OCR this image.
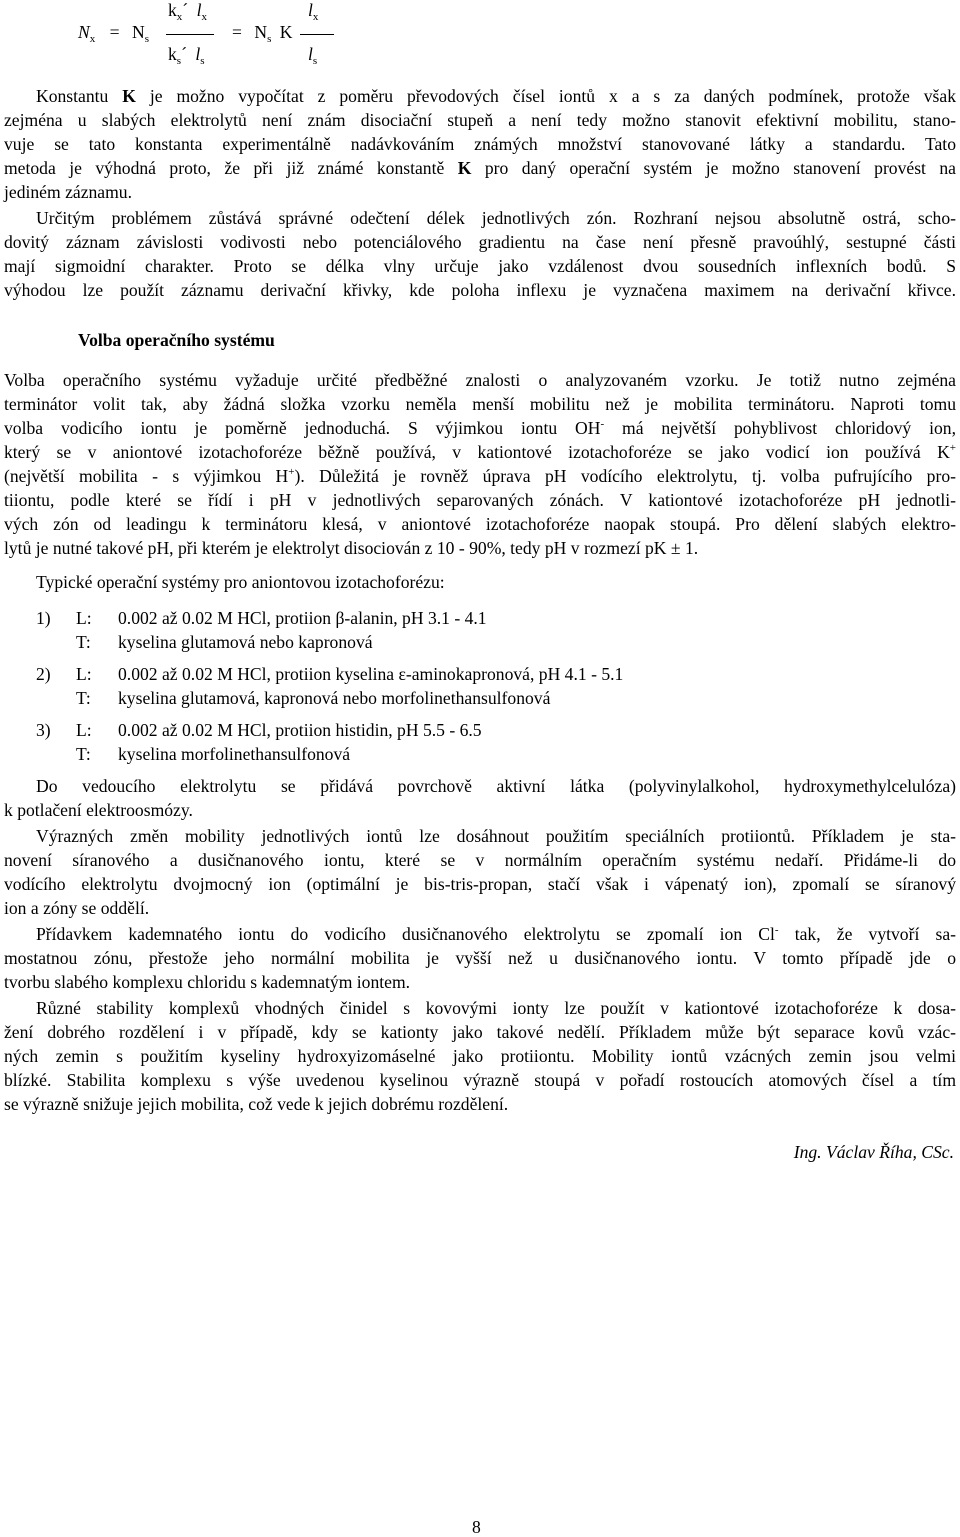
$N_x = N_s$
$k_x´$ $l_x$
$k_s´$ $l_s$
= $N_s$ K
$l_x$
$l_s$
Konstantu K je možno vypočítat z poměru převodových čísel iontů x a s za daných podmínek, protože však
zejména u slabých elektrolytů není znám disociační stupeň a není tedy možno stanovit efektivní mobilitu, stano-
vuje se tato konstanta experimentálně nadávkováním známých množství stanovované látky a standardu. Tato
metoda je výhodná proto, že při již známé konstantě K pro daný operační systém je možno stanovení provést na
jediném záznamu.
Určitým problémem zůstává správné odečtení délek jednotlivých zón. Rozhraní nejsou absolutně ostrá, scho-
dovitý záznam závislosti vodivosti nebo potenciálového gradientu na čase není přesně pravoúhlý, sestupné části
mají sigmoidní charakter. Proto se délka vlny určuje jako vzdálenost dvou sousedních inflexních bodů. S
výhodou lze použít záznamu derivační křivky, kde poloha inflexu je vyznačena maximem na derivační křivce.
Volba operačního systému
Volba operačního systému vyžaduje určité předběžné znalosti o analyzovaném vzorku. Je totiž nutno zejména
terminátor volit tak, aby žádná složka vzorku neměla menší mobilitu než je mobilita terminátoru. Naproti tomu
volba vodicího iontu je poměrně jednoduchá. S výjimkou iontu OH- má největší pohyblivost chloridový ion,
který se v aniontové izotachoforéze běžně používá, v kationtové izotachoforéze se jako vodicí ion používá K+
(největší mobilita - s výjimkou H+). Důležitá je rovněž úprava pH vodícího elektrolytu, tj. volba pufrujícího pro-
tiiontu, podle které se řídí i pH v jednotlivých separovaných zónách. V kationtové izotachoforéze pH jednotli-
vých zón od leadingu k terminátoru klesá, v aniontové izotachoforéze naopak stoupá. Pro dělení slabých elektro-
lytů je nutné takové pH, při kterém je elektrolyt disociován z 10 - 90%, tedy pH v rozmezí pK ± 1.
Typické operační systémy pro aniontovou izotachoforézu:
1) L: 0.002 až 0.02 M HCl, protiion β-alanin, pH 3.1 - 4.1
T: kyselina glutamová nebo kapronová
2) L: 0.002 až 0.02 M HCl, protiion kyselina ε-aminokapronová, pH 4.1 - 5.1
T: kyselina glutamová, kapronová nebo morfolinethansulfonová
3) L: 0.002 až 0.02 M HCl, protiion histidin, pH 5.5 - 6.5
T: kyselina morfolinethansulfonová
Do vedoucího elektrolytu se přidává povrchově aktivní látka (polyvinylalkohol, hydroxymethylcelulóza)
k potlačení elektroosmózy.
Výrazných změn mobility jednotlivých iontů lze dosáhnout použitím speciálních protiiontů. Příkladem je sta-
novení síranového a dusičnanového iontu, které se v normálním operačním systému nedaří. Přidáme-li do
vodícího elektrolytu dvojmocný ion (optimální je bis-tris-propan, stačí však i vápenatý ion), zpomalí se síranový
ion a zóny se oddělí.
Přídavkem kademnatého iontu do vodicího dusičnanového elektrolytu se zpomalí ion Cl- tak, že vytvoří sa-
mostatnou zónu, přestože jeho normální mobilita je vyšší než u dusičnanového iontu. V tomto případě jde o
tvorbu slabého komplexu chloridu s kademnatým iontem.
Různé stability komplexů vhodných činidel s kovovými ionty lze použít v kationtové izotachoforéze k dosa-
žení dobrého rozdělení i v případě, kdy se kationty jako takové nedělí. Příkladem může být separace kovů vzác-
ných zemin s použitím kyseliny hydroxyizomáselné jako protiiontu. Mobility iontů vzácných zemin jsou velmi
blízké. Stabilita komplexu s výše uvedenou kyselinou výrazně stoupá v pořadí rostoucích atomových čísel a tím
se výrazně snižuje jejich mobilita, což vede k jejich dobrému rozdělení.
Ing. Václav Říha, CSc.
8
